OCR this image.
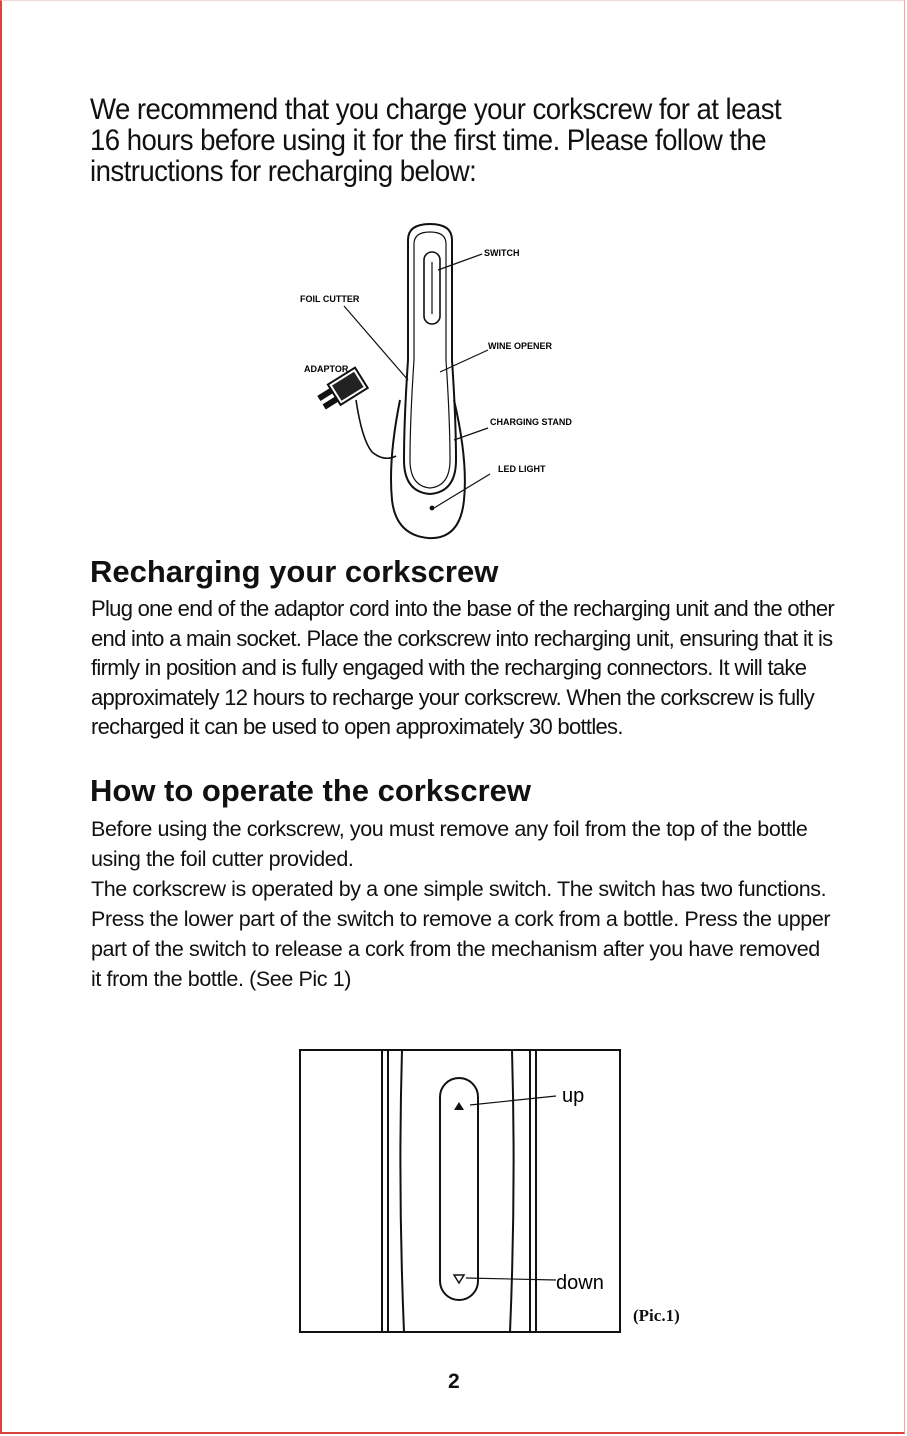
We recommend that you charge your corkscrew for at least 16 hours before using it for the first time. Please follow the instructions for recharging below:

SWITCH
FOIL CUTTER
WINE OPENER
ADAPTOR
CHARGING STAND
LED LIGHT
Recharging your corkscrew

Plug one end of the adaptor cord into the base of the recharging unit and the other end into a main socket. Place the corkscrew into recharging unit, ensuring that it is firmly in position and is fully engaged with the recharging connectors. It will take approximately 12 hours to recharge your corkscrew. When the corkscrew is fully recharged it can be used to open approximately 30 bottles.

How to operate the corkscrew

Before using the corkscrew, you must remove any foil from the top of the bottle using the foil cutter provided.
The corkscrew is operated by a one simple switch. The switch has two functions.
Press the lower part of the switch to remove a cork from a bottle. Press the upper part of the switch to release a cork from the mechanism after you have removed it from the bottle. (See Pic 1)

up
down

(Pic.1)

2
